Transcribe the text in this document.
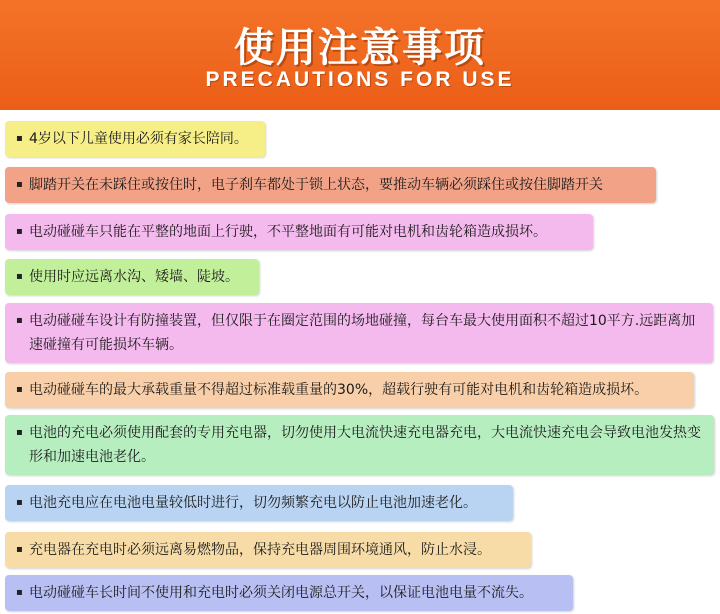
使用注意事项
PRECAUTIONS FOR USE
▪ 4岁以下儿童使用必须有家长陪同。
▪ 脚踏开关在未踩住或按住时，电子刹车都处于锁上状态，要推动车辆必须踩住或按住脚踏开关
▪ 电动碰碰车只能在平整的地面上行驶，不平整地面有可能对电机和齿轮箱造成损坏。
▪ 使用时应远离水沟、矮墙、陡坡。
▪ 电动碰碰车设计有防撞装置，但仅限于在圈定范围的场地碰撞，每台车最大使用面积不超过10平方.远距离加速碰撞有可能损坏车辆。
▪ 电动碰碰车的最大承载重量不得超过标准载重量的30%，超载行驶有可能对电机和齿轮箱造成损坏。
▪ 电池的充电必须使用配套的专用充电器，切勿使用大电流快速充电器充电，大电流快速充电会导致电池发热变形和加速电池老化。
▪ 电池充电应在电池电量较低时进行，切勿频繁充电以防止电池加速老化。
▪ 充电器在充电时必须远离易燃物品，保持充电器周围环境通风，防止水浸。
▪ 电动碰碰车长时间不使用和充电时必须关闭电源总开关，以保证电池电量不流失。
